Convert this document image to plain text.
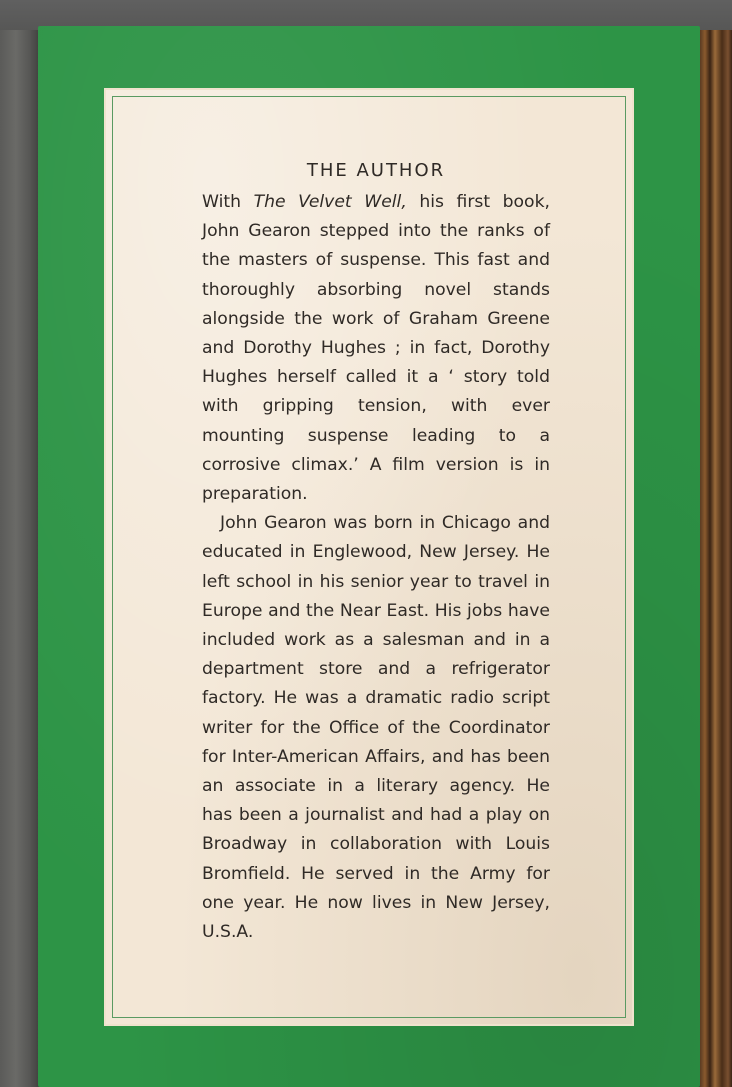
THE AUTHOR

With The Velvet Well, his first book, John Gearon stepped into the ranks of the masters of suspense. This fast and thoroughly absorbing novel stands alongside the work of Graham Greene and Dorothy Hughes ; in fact, Dorothy Hughes herself called it a ‘ story told with gripping tension, with ever mounting suspense leading to a corrosive climax.’ A film version is in preparation.

John Gearon was born in Chicago and educated in Englewood, New Jersey. He left school in his senior year to travel in Europe and the Near East. His jobs have included work as a salesman and in a department store and a refrigerator factory. He was a dramatic radio script writer for the Office of the Coordinator for Inter-American Affairs, and has been an associate in a literary agency. He has been a journalist and had a play on Broadway in collaboration with Louis Bromfield. He served in the Army for one year. He now lives in New Jersey, U.S.A.
